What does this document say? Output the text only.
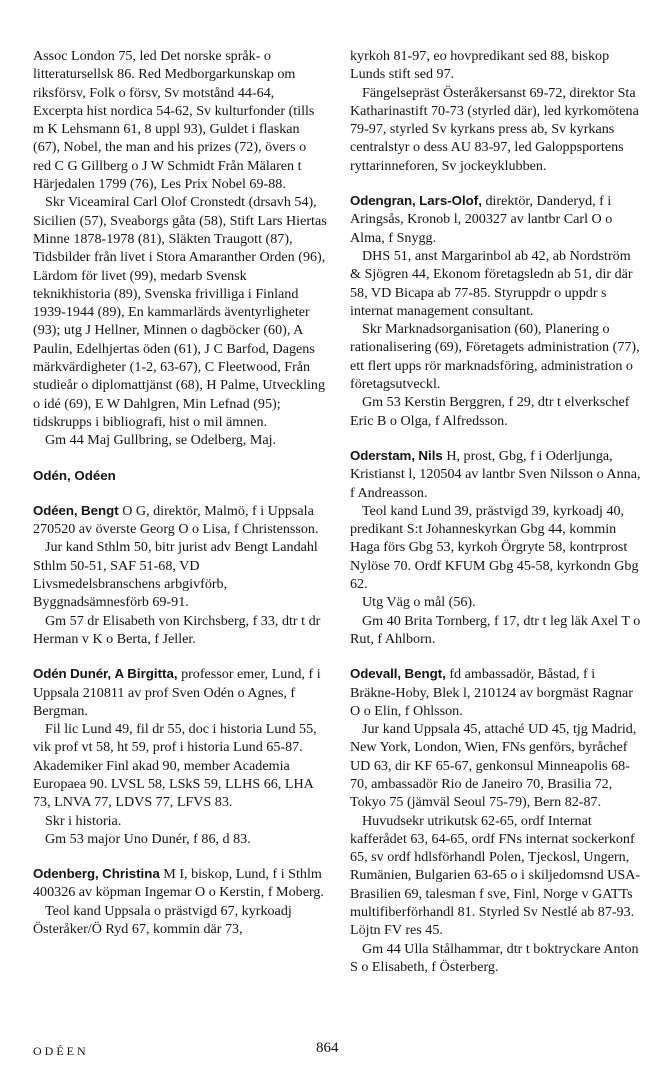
Assoc London 75, led Det norske språk- o litteratursellsk 86. Red Medborgarkunskap om riksförsv, Folk o försv, Sv motstånd 44-64, Excerpta hist nordica 54-62, Sv kulturfonder (tills m K Lehsmann 61, 8 uppl 93), Guldet i flaskan (67), Nobel, the man and his prizes (72), övers o red C G Gillberg o J W Schmidt Från Mälaren t Härjedalen 1799 (76), Les Prix Nobel 69-88.

Skr Viceamiral Carl Olof Cronstedt (drsavh 54), Sicilien (57), Sveaborgs gåta (58), Stift Lars Hiertas Minne 1878-1978 (81), Släkten Traugott (87), Tidsbilder från livet i Stora Amaranther Orden (96), Lärdom för livet (99), medarb Svensk teknikhistoria (89), Svenska frivilliga i Finland 1939-1944 (89), En kammarlärds äventyrligheter (93); utg J Hellner, Minnen o dagböcker (60), A Paulin, Edelhjertas öden (61), J C Barfod, Dagens märkvärdigheter (1-2, 63-67), C Fleetwood, Från studieår o diplomattjänst (68), H Palme, Utveckling o idé (69), E W Dahlgren, Min Lefnad (95); tidskrupps i bibliografi, hist o mil ämnen.

Gm 44 Maj Gullbring, se Odelberg, Maj.

Odén, Odéen

Odéen, Bengt O G, direktör, Malmö, f i Uppsala 270520 av överste Georg O o Lisa, f Christensson.

Jur kand Sthlm 50, bitr jurist adv Bengt Landahl Sthlm 50-51, SAF 51-68, VD Livsmedelsbranschens arbgivförb, Byggnadsämnesförb 69-91.

Gm 57 dr Elisabeth von Kirchsberg, f 33, dtr t dr Herman v K o Berta, f Jeller.

Odén Dunér, A Birgitta, professor emer, Lund, f i Uppsala 210811 av prof Sven Odén o Agnes, f Bergman.

Fil lic Lund 49, fil dr 55, doc i historia Lund 55, vik prof vt 58, ht 59, prof i historia Lund 65-87. Akademiker Finl akad 90, member Academia Europaea 90. LVSL 58, LSkS 59, LLHS 66, LHA 73, LNVA 77, LDVS 77, LFVS 83.

Skr i historia.

Gm 53 major Uno Dunér, f 86, d 83.

Odenberg, Christina M I, biskop, Lund, f i Sthlm 400326 av köpman Ingemar O o Kerstin, f Moberg.

Teol kand Uppsala o prästvigd 67, kyrkoadj Österåker/Ö Ryd 67, kommin där 73,

kyrkoh 81-97, eo hovpredikant sed 88, biskop Lunds stift sed 97.

Fängelsepräst Österåkersanst 69-72, direktor Sta Katharinastift 70-73 (styrled där), led kyrkomötena 79-97, styrled Sv kyrkans press ab, Sv kyrkans centralstyr o dess AU 83-97, led Galoppsportens ryttarinneforen, Sv jockeyklubben.

Odengran, Lars-Olof, direktör, Danderyd, f i Aringsås, Kronob l, 200327 av lantbr Carl O o Alma, f Snygg.

DHS 51, anst Margarinbol ab 42, ab Nordström & Sjögren 44, Ekonom företagsledn ab 51, dir där 58, VD Bicapa ab 77-85. Styruppdr o uppdr s internat management consultant.

Skr Marknadsorganisation (60), Planering o rationalisering (69), Företagets administration (77), ett flert upps rör marknadsföring, administration o företagsutveckl.

Gm 53 Kerstin Berggren, f 29, dtr t elverkschef Eric B o Olga, f Alfredsson.

Oderstam, Nils H, prost, Gbg, f i Oderljunga, Kristianst l, 120504 av lantbr Sven Nilsson o Anna, f Andreasson.

Teol kand Lund 39, prästvigd 39, kyrkoadj 40, predikant S:t Johanneskyrkan Gbg 44, kommin Haga förs Gbg 53, kyrkoh Örgryte 58, kontrprost Nylöse 70. Ordf KFUM Gbg 45-58, kyrkondn Gbg 62.

Utg Väg o mål (56).

Gm 40 Brita Tornberg, f 17, dtr t leg läk Axel T o Rut, f Ahlborn.

Odevall, Bengt, fd ambassadör, Båstad, f i Bräkne-Hoby, Blek l, 210124 av borgmäst Ragnar O o Elin, f Ohlsson.

Jur kand Uppsala 45, attaché UD 45, tjg Madrid, New York, London, Wien, FNs genförs, byråchef UD 63, dir KF 65-67, genkonsul Minneapolis 68-70, ambassadör Rio de Janeiro 70, Brasilia 72, Tokyo 75 (jämväl Seoul 75-79), Bern 82-87.

Huvudsekr utrikutsk 62-65, ordf Internat kafferådet 63, 64-65, ordf FNs internat sockerkonf 65, sv ordf hdlsförhandl Polen, Tjeckosl, Ungern, Rumänien, Bulgarien 63-65 o i skiljedomsnd USA-Brasilien 69, talesman f sve, Finl, Norge v GATTs multifiberförhandl 81. Styrled Sv Nestlé ab 87-93. Löjtn FV res 45.

Gm 44 Ulla Stålhammar, dtr t boktryckare Anton S o Elisabeth, f Österberg.

ODÉEN	864
